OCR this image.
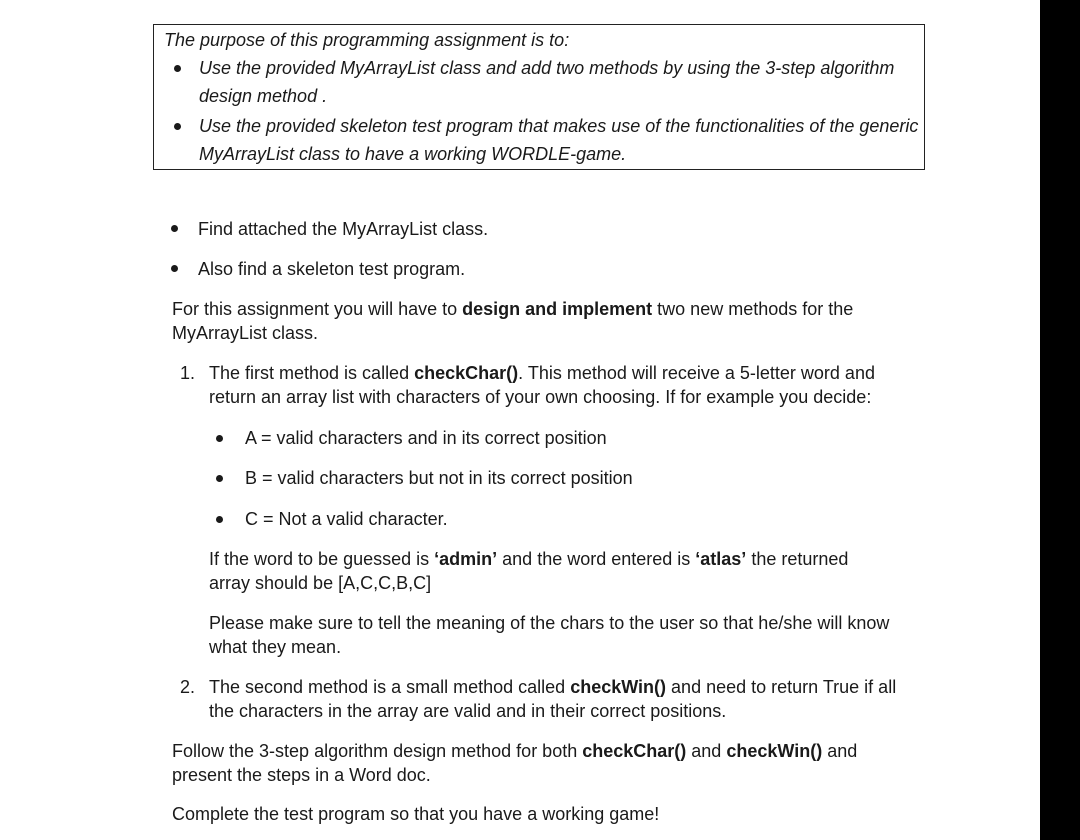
The purpose of this programming assignment is to:
Use the provided MyArrayList class and add two methods by using the 3-step algorithm design method .
Use the provided skeleton test program that makes use of the functionalities of the generic MyArrayList class to have a working WORDLE-game.
Find attached the MyArrayList class.
Also find a skeleton test program.
For this assignment you will have to design and implement two new methods for the MyArrayList class.
1. The first method is called checkChar(). This method will receive a 5-letter word and return an array list with characters of your own choosing. If for example you decide:
A = valid characters and in its correct position
B = valid characters but not in its correct position
C = Not a valid character.
If the word to be guessed is ‘admin’ and the word entered is ‘atlas’ the returned array should be [A,C,C,B,C]
Please make sure to tell the meaning of the chars to the user so that he/she will know what they mean.
2. The second method is a small method called checkWin() and need to return True if all the characters in the array are valid and in their correct positions.
Follow the 3-step algorithm design method for both checkChar() and checkWin() and present the steps in a Word doc.
Complete the test program so that you have a working game!
